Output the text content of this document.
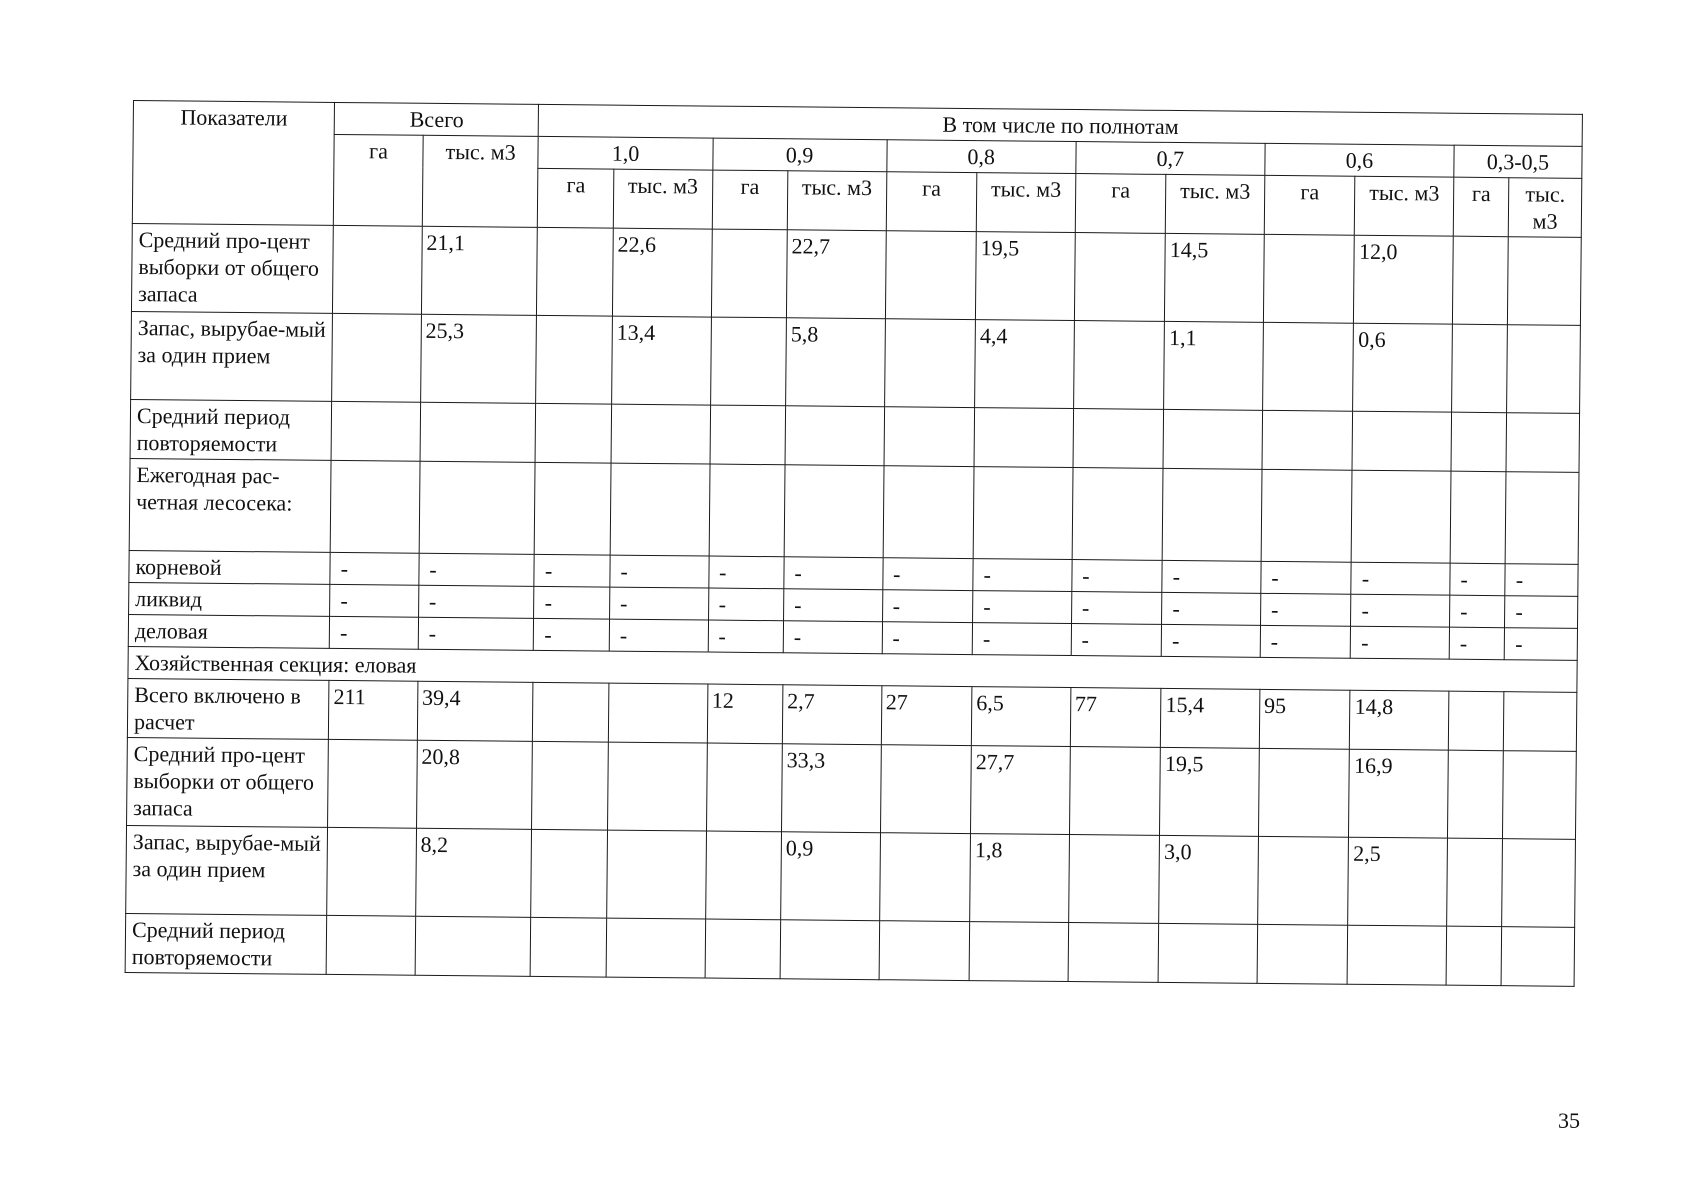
Показатели	Всего		В том числе по полнотам											
	га	тыс. м3	1,0		0,9		0,8		0,7		0,6		0,3-0,5	
			га	тыс. м3	га	тыс. м3	га	тыс. м3	га	тыс. м3	га	тыс. м3	га	тыс. м3
Средний про-цент выборки от общего запаса		21,1		22,6		22,7		19,5		14,5		12,0		
Запас, вырубае-мый за один прием		25,3		13,4		5,8		4,4		1,1		0,6		
Средний период повторяемости														
Ежегодная рас-четная лесосека:														
корневой	-	-	-	-	-	-	-	-	-	-	-	-	-	-
ликвид	-	-	-	-	-	-	-	-	-	-	-	-	-	-
деловая	-	-	-	-	-	-	-	-	-	-	-	-	-	-
Хозяйственная секция: еловая														
Всего включено в расчет	211	39,4			12	2,7	27	6,5	77	15,4	95	14,8		
Средний про-цент выборки от общего запаса		20,8				33,3		27,7		19,5		16,9		
Запас, вырубае-мый за один прием		8,2				0,9		1,8		3,0		2,5		
Средний период повторяемости														
35
